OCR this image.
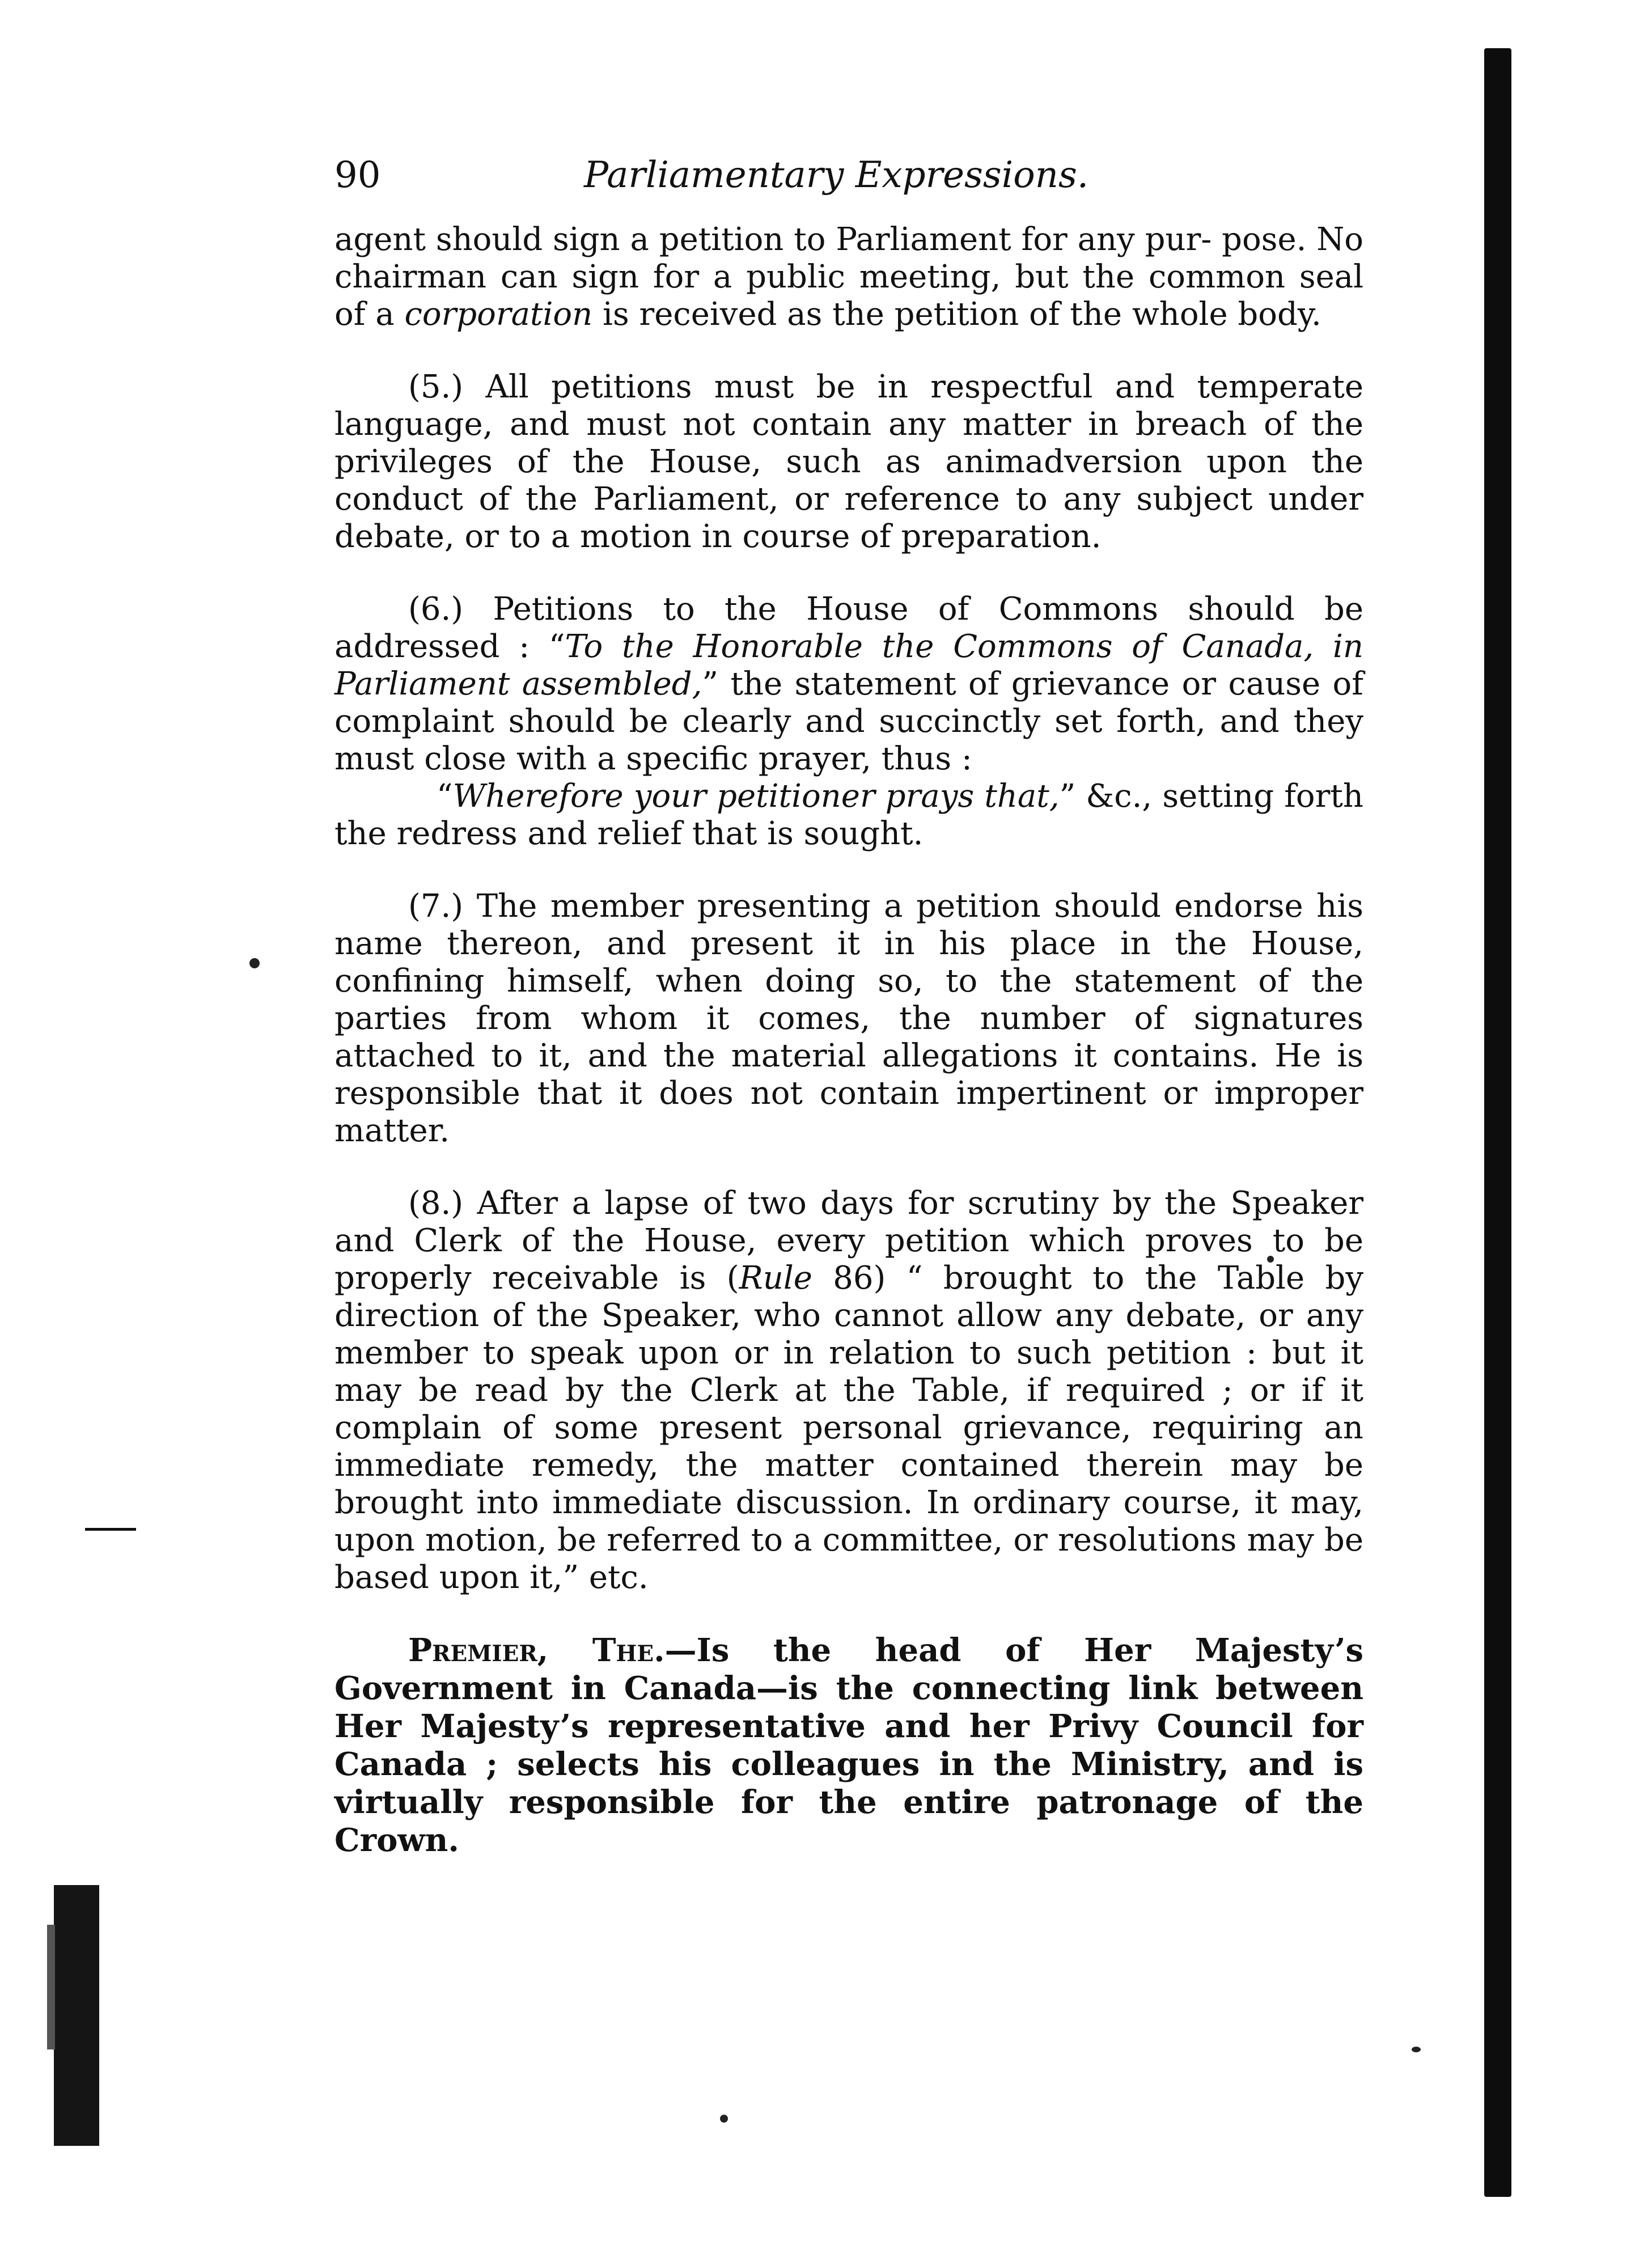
90	Parliamentary Expressions.

agent should sign a petition to Parliament for any pur- pose. No chairman can sign for a public meeting, but the common seal of a corporation is received as the petition of the whole body.

(5.) All petitions must be in respectful and temperate language, and must not contain any matter in breach of the privileges of the House, such as animadversion upon the conduct of the Parliament, or reference to any subject under debate, or to a motion in course of preparation.

(6.) Petitions to the House of Commons should be addressed : “To the Honorable the Commons of Canada, in Parliament assembled,” the statement of grievance or cause of complaint should be clearly and succinctly set forth, and they must close with a specific prayer, thus :

“Wherefore your petitioner prays that,” &c., setting forth the redress and relief that is sought.

(7.) The member presenting a petition should endorse his name thereon, and present it in his place in the House, confining himself, when doing so, to the statement of the parties from whom it comes, the number of signatures attached to it, and the material allegations it contains. He is responsible that it does not contain impertinent or improper matter.

(8.) After a lapse of two days for scrutiny by the Speaker and Clerk of the House, every petition which proves to be properly receivable is (Rule 86) “ brought to the Table by direction of the Speaker, who cannot allow any debate, or any member to speak upon or in relation to such petition : but it may be read by the Clerk at the Table, if required ; or if it complain of some present personal grievance, requiring an immediate remedy, the matter contained therein may be brought into immediate discussion. In ordinary course, it may, upon motion, be referred to a committee, or resolutions may be based upon it,” etc.

Premier, The.—Is the head of Her Majesty’s Government in Canada—is the connecting link between Her Majesty’s representative and her Privy Council for Canada ; selects his colleagues in the Ministry, and is virtually responsible for the entire patronage of the Crown.
